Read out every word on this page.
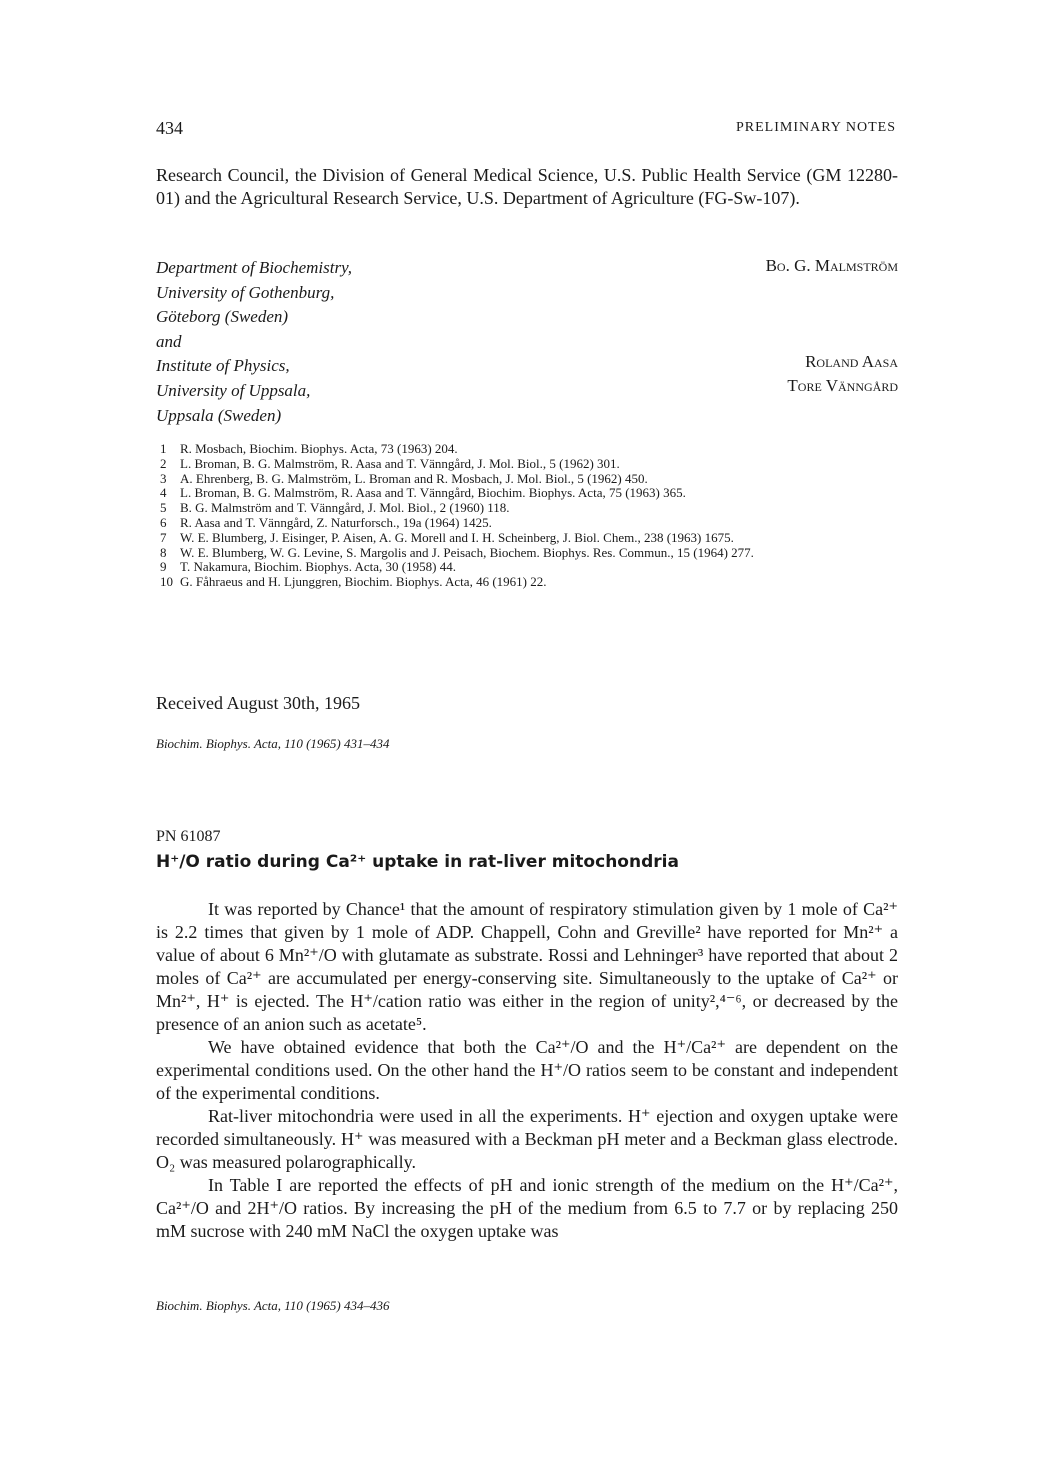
434	PRELIMINARY NOTES
Research Council, the Division of General Medical Science, U.S. Public Health Service (GM 12280-01) and the Agricultural Research Service, U.S. Department of Agriculture (FG-Sw-107).
Department of Biochemistry,
University of Gothenburg,
Göteborg (Sweden)
and
Institute of Physics,
University of Uppsala,
Uppsala (Sweden)
Bo. G. Malmström
Roland Aasa
Tore Vänngård
1	R. Mosbach, Biochim. Biophys. Acta, 73 (1963) 204.
2	L. Broman, B. G. Malmström, R. Aasa and T. Vänngård, J. Mol. Biol., 5 (1962) 301.
3	A. Ehrenberg, B. G. Malmström, L. Broman and R. Mosbach, J. Mol. Biol., 5 (1962) 450.
4	L. Broman, B. G. Malmström, R. Aasa and T. Vänngård, Biochim. Biophys. Acta, 75 (1963) 365.
5	B. G. Malmström and T. Vänngård, J. Mol. Biol., 2 (1960) 118.
6	R. Aasa and T. Vänngård, Z. Naturforsch., 19a (1964) 1425.
7	W. E. Blumberg, J. Eisinger, P. Aisen, A. G. Morell and I. H. Scheinberg, J. Biol. Chem., 238 (1963) 1675.
8	W. E. Blumberg, W. G. Levine, S. Margolis and J. Peisach, Biochem. Biophys. Res. Commun., 15 (1964) 277.
9	T. Nakamura, Biochim. Biophys. Acta, 30 (1958) 44.
10 G. Fåhraeus and H. Ljunggren, Biochim. Biophys. Acta, 46 (1961) 22.
Received August 30th, 1965
Biochim. Biophys. Acta, 110 (1965) 431–434
PN 61087
H⁺/O ratio during Ca²⁺ uptake in rat-liver mitochondria

It was reported by Chance¹ that the amount of respiratory stimulation given by 1 mole of Ca²⁺ is 2.2 times that given by 1 mole of ADP. Chappell, Cohn and Greville² have reported for Mn²⁺ a value of about 6 Mn²⁺/O with glutamate as substrate. Rossi and Lehninger³ have reported that about 2 moles of Ca²⁺ are accumulated per energy-conserving site. Simultaneously to the uptake of Ca²⁺ or Mn²⁺, H⁺ is ejected. The H⁺/cation ratio was either in the region of unity²,⁴⁻⁶, or decreased by the presence of an anion such as acetate⁵.

We have obtained evidence that both the Ca²⁺/O and the H⁺/Ca²⁺ are dependent on the experimental conditions used. On the other hand the H⁺/O ratios seem to be constant and independent of the experimental conditions.

Rat-liver mitochondria were used in all the experiments. H⁺ ejection and oxygen uptake were recorded simultaneously. H⁺ was measured with a Beckman pH meter and a Beckman glass electrode. O₂ was measured polarographically.

In Table I are reported the effects of pH and ionic strength of the medium on the H⁺/Ca²⁺, Ca²⁺/O and 2H⁺/O ratios. By increasing the pH of the medium from 6.5 to 7.7 or by replacing 250 mM sucrose with 240 mM NaCl the oxygen uptake was

Biochim. Biophys. Acta, 110 (1965) 434–436
